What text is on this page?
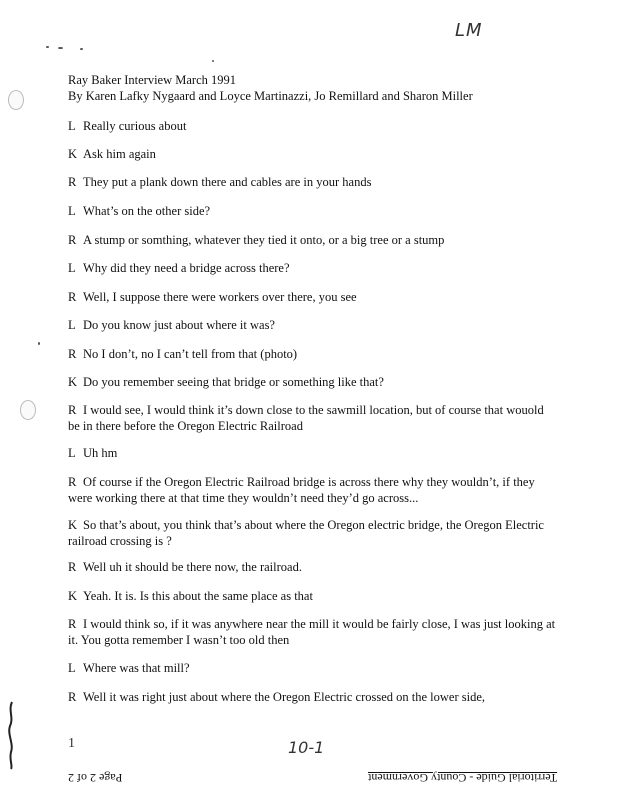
LM
Ray Baker Interview March 1991
By Karen Lafky Nygaard and Loyce Martinazzi, Jo Remillard and Sharon Miller
L Really curious about
K Ask him again
R They put a plank down there and cables are in your hands
L What’s on the other side?
R A stump or somthing, whatever they tied it onto, or a big tree or a stump
L Why did they need a bridge across there?
R Well, I suppose there were workers over there, you see
L Do you know just about where it was?
R No I don’t, no I can’t tell from that (photo)
K Do you remember seeing that bridge or something like that?
R I would see, I would think it’s down close to the sawmill location, but of course that wouold
be in there before the Oregon Electric Railroad
L Uh hm
R Of course if the Oregon Electric Railroad bridge is across there why they wouldn’t, if they
were working there at that time they wouldn’t need they’d go across...
K So that’s about, you think that’s about where the Oregon electric bridge, the Oregon Electric
railroad crossing is ?
R Well uh it should be there now, the railroad.
K Yeah. It is. Is this about the same place as that
R I would think so, if it was anywhere near the mill it would be fairly close, I was just looking at
it. You gotta remember I wasn’t too old then
L Where was that mill?
R Well it was right just about where the Oregon Electric crossed on the lower side,
1	10-1
Page 2 of 2	Territorial Guide - County Government
